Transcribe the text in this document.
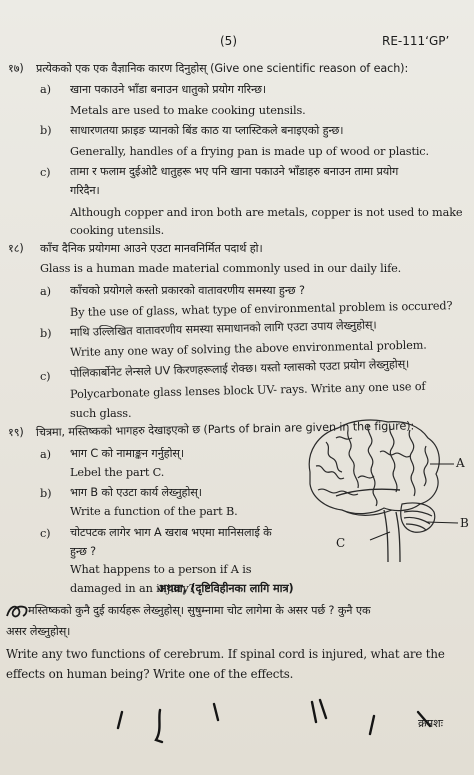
(5)	RE-111‘GP’
१७) प्रत्येकको एक एक वैज्ञानिक कारण दिनुहोस् (Give one scientific reason of each):
a) खाना पकाउने भाँडा बनाउन धातुको प्रयोग गरिन्छ।
Metals are used to make cooking utensils.
b) साधारणतया फ्राइङ प्यानको बिंड काठ या प्लास्टिकले बनाइएको हुन्छ।
Generally, handles of a frying pan is made up of wood or plastic.
c) तामा र फलाम दुईओटै धातुहरू भए पनि खाना पकाउने भाँडाहरु बनाउन तामा प्रयोग
गरिदैन।
Although copper and iron both are metals, copper is not used to make
cooking utensils.
१८) काँच दैनिक प्रयोगमा आउने एउटा मानवनिर्मित पदार्थ हो।
Glass is a human made material commonly used in our daily life.
a) काँचको प्रयोगले कस्तो प्रकारको वातावरणीय समस्या हुन्छ ?
By the use of glass, what type of environmental problem is occured?
b) माथि उल्लिखित वातावरणीय समस्या समाधानको लागि एउटा उपाय लेख्नुहोस्।
Write any one way of solving the above environmental problem.
c) पोलिकार्बोनेट लेन्सले UV किरणहरूलाई रोक्छ। यस्तो ग्लासको एउटा प्रयोग लेख्नुहोस्।
Polycarbonate glass lenses block UV- rays. Write any one use of
such glass.
१९) चित्रमा, मस्तिष्कको भागहरु देखाइएको छ (Parts of brain are given in the figure):
a) भाग C को नामाङ्कन गर्नुहोस्।
Lebel the part C.
b) भाग B को एउटा कार्य लेख्नुहोस्।
Write a function of the part B.
c) चोटपटक लागेर भाग A खराब भएमा मानिसलाई के
हुन्छ ?
What happens to a person if A is
damaged in an injury?
A
B
C
अथवा, (दृष्टिविहीनका लागि मात्र)
मस्तिष्कको कुनै दुई कार्यहरू लेख्नुहोस्। सुषुम्नामा चोट लागेमा के असर पर्छ ? कुनै एक
असर लेख्नुहोस्।
Write any two functions of cerebrum. If spinal cord is injured, what are the
effects on human being? Write one of the effects.
क्रमशः
